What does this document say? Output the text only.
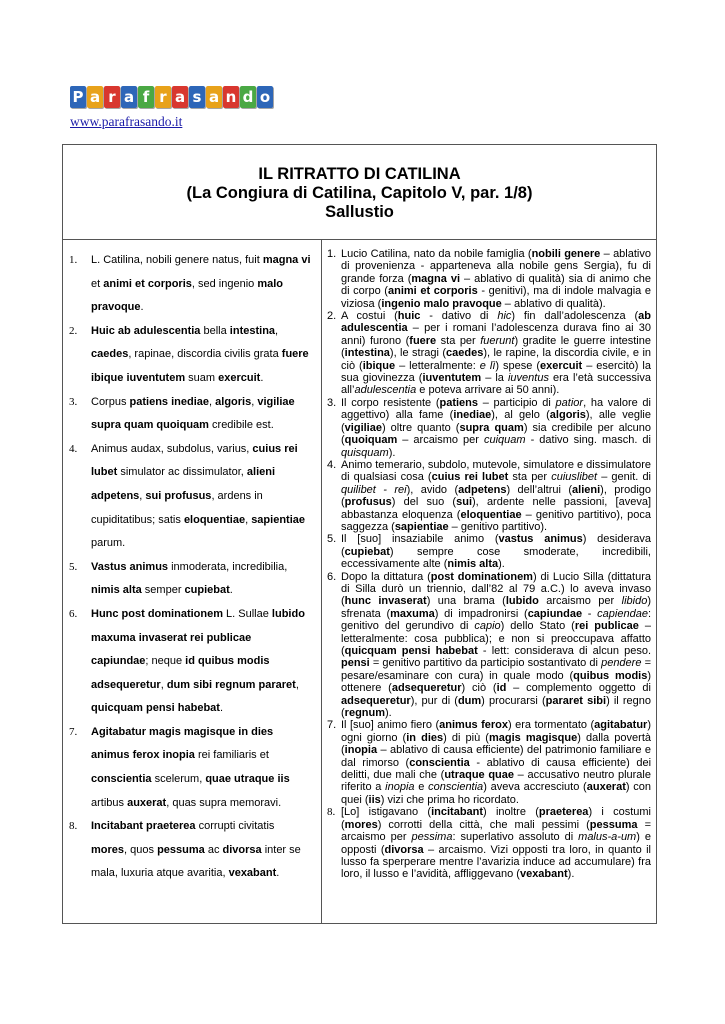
P a r a f r a s a n d o
www.parafrasando.it
IL RITRATTO DI CATILINA
(La Congiura di Catilina, Capitolo V, par. 1/8)
Sallustio
1. L. Catilina, nobili genere natus, fuit magna vi et animi et corporis, sed ingenio malo pravoque.
2. Huic ab adulescentia bella intestina, caedes, rapinae, discordia civilis grata fuere ibique iuventutem suam exercuit.
3. Corpus patiens inediae, algoris, vigiliae supra quam quoiquam credibile est.
4. Animus audax, subdolus, varius, cuius rei lubet simulator ac dissimulator, alieni adpetens, sui profusus, ardens in cupiditatibus; satis eloquentiae, sapientiae parum.
5. Vastus animus inmoderata, incredibilia, nimis alta semper cupiebat.
6. Hunc post dominationem L. Sullae lubido maxuma invaserat rei publicae capiundae; neque id quibus modis adsequeretur, dum sibi regnum pararet, quicquam pensi habebat.
7. Agitabatur magis magisque in dies animus ferox inopia rei familiaris et conscientia scelerum, quae utraque iis artibus auxerat, quas supra memoravi.
8. Incitabant praeterea corrupti civitatis mores, quos pessuma ac divorsa inter se mala, luxuria atque avaritia, vexabant.
1. Lucio Catilina, nato da nobile famiglia (nobili genere – ablativo di provenienza - apparteneva alla nobile gens Sergia), fu di grande forza (magna vi – ablativo di qualità) sia di animo che di corpo (animi et corporis - genitivi), ma di indole malvagia e viziosa (ingenio malo pravoque – ablativo di qualità).
2. A costui (huic - dativo di hic) fin dall’adolescenza (ab adulescentia – per i romani l’adolescenza durava fino ai 30 anni) furono (fuere sta per fuerunt) gradite le guerre intestine (intestina), le stragi (caedes), le rapine, la discordia civile, e in ciò (ibique – letteralmente: e lì) spese (exercuit – esercitò) la sua giovinezza (iuventutem – la iuventus era l’età successiva all’adulescentia e poteva arrivare ai 50 anni).
3. Il corpo resistente (patiens – participio di patior, ha valore di aggettivo) alla fame (inediae), al gelo (algoris), alle veglie (vigiliae) oltre quanto (supra quam) sia credibile per alcuno (quoiquam – arcaismo per cuiquam - dativo sing. masch. di quisquam).
4. Animo temerario, subdolo, mutevole, simulatore e dissimulatore di qualsiasi cosa (cuius rei lubet sta per cuiuslibet – genit. di quilibet - rei), avido (adpetens) dell’altrui (alieni), prodigo (profusus) del suo (sui), ardente nelle passioni, [aveva] abbastanza eloquenza (eloquentiae – genitivo partitivo), poca saggezza (sapientiae – genitivo partitivo).
5. Il [suo] insaziabile animo (vastus animus) desiderava (cupiebat) sempre cose smoderate, incredibili, eccessivamente alte (nimis alta).
6. Dopo la dittatura (post dominationem) di Lucio Silla (dittatura di Silla durò un triennio, dall’82 al 79 a.C.) lo aveva invaso (hunc invaserat) una brama (lubido arcaismo per libido) sfrenata (maxuma) di impadronirsi (capiundae - capiendae: genitivo del gerundivo di capio) dello Stato (rei publicae – letteralmente: cosa pubblica); e non si preoccupava affatto (quicquam pensi habebat - lett: considerava di alcun peso. pensi = genitivo partitivo da participio sostantivato di pendere = pesare/esaminare con cura) in quale modo (quibus modis) ottenere (adsequeretur) ciò (id – complemento oggetto di adsequeretur), pur di (dum) procurarsi (pararet sibi) il regno (regnum).
7. Il [suo] animo fiero (animus ferox) era tormentato (agitabatur) ogni giorno (in dies) di più (magis magisque) dalla povertà (inopia – ablativo di causa efficiente) del patrimonio familiare e dal rimorso (conscientia - ablativo di causa efficiente) dei delitti, due mali che (utraque quae – accusativo neutro plurale riferito a inopia e conscientia) aveva accresciuto (auxerat) con quei (iis) vizi che prima ho ricordato.
8. [Lo] istigavano (incitabant) inoltre (praeterea) i costumi (mores) corrotti della città, che mali pessimi (pessuma = arcaismo per pessima: superlativo assoluto di malus-a-um) e opposti (divorsa – arcaismo. Vizi opposti tra loro, in quanto il lusso fa sperperare mentre l’avarizia induce ad accumulare) fra loro, il lusso e l’avidità, affliggevano (vexabant).
